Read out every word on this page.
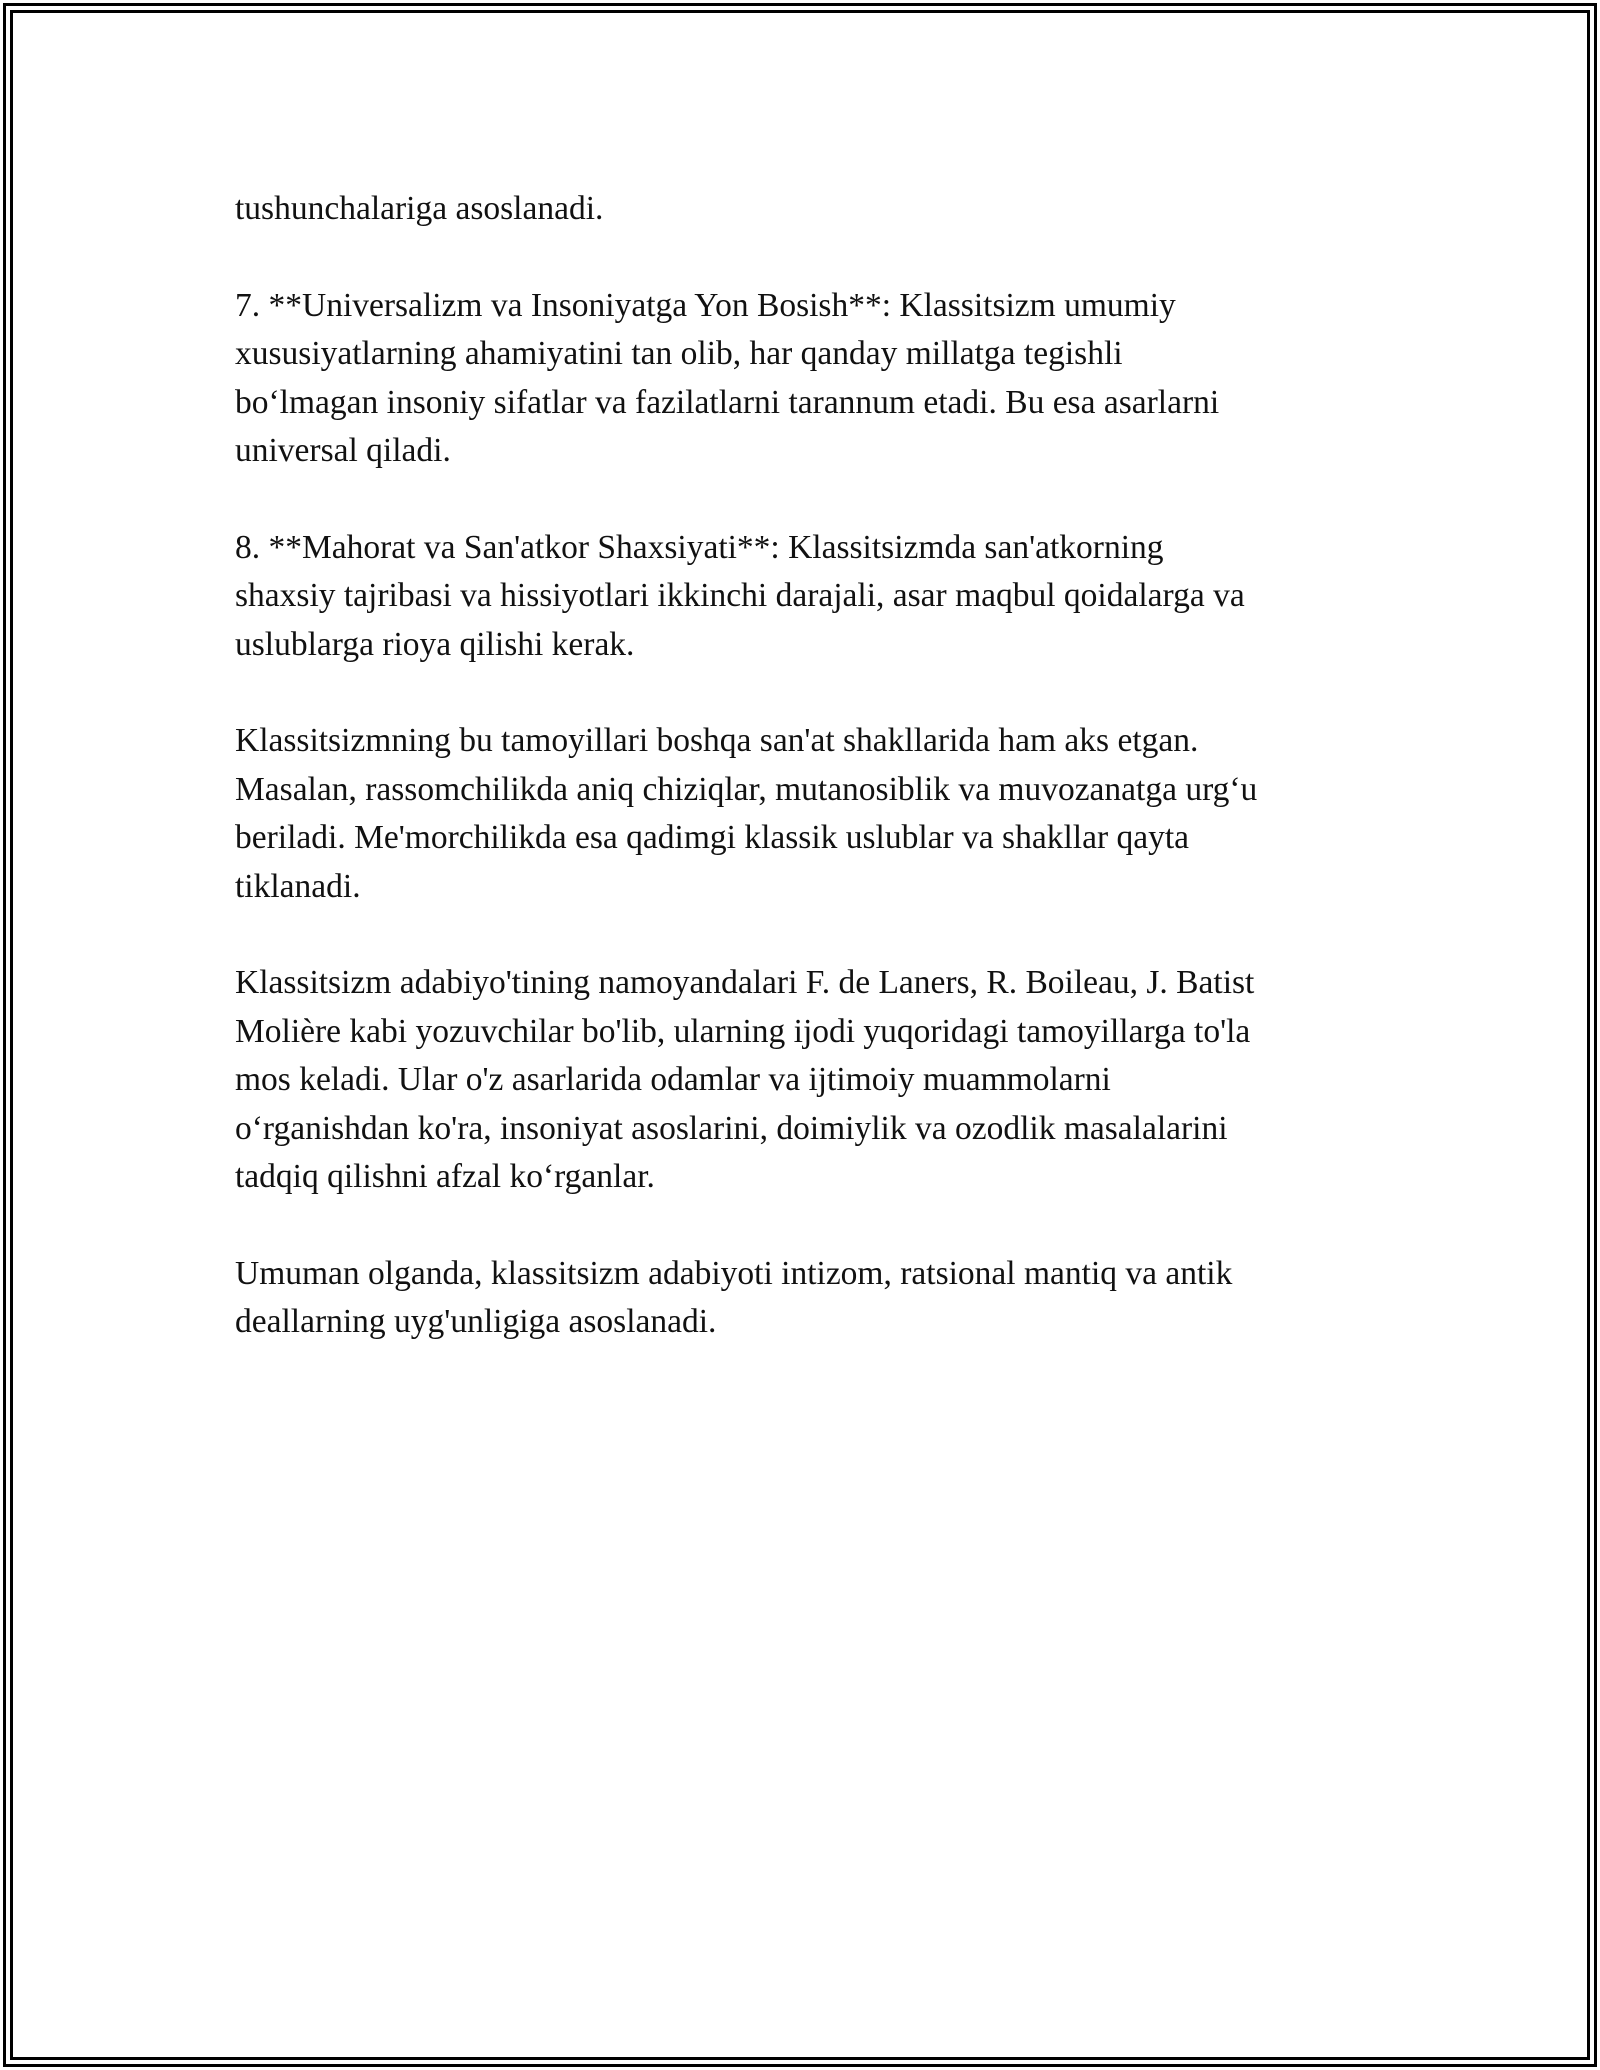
tushunchalariga asoslanadi.

7. **Universalizm va Insoniyatga Yon Bosish**: Klassitsizm umumiy
xususiyatlarning ahamiyatini tan olib, har qanday millatga tegishli
bo‘lmagan insoniy sifatlar va fazilatlarni tarannum etadi. Bu esa asarlarni
universal qiladi.

8. **Mahorat va San'atkor Shaxsiyati**: Klassitsizmda san'atkorning
shaxsiy tajribasi va hissiyotlari ikkinchi darajali, asar maqbul qoidalarga va
uslublarga rioya qilishi kerak.

Klassitsizmning bu tamoyillari boshqa san'at shakllarida ham aks etgan.
Masalan, rassomchilikda aniq chiziqlar, mutanosiblik va muvozanatga urg‘u
beriladi. Me'morchilikda esa qadimgi klassik uslublar va shakllar qayta
tiklanadi.

Klassitsizm adabiyo'tining namoyandalari F. de Laners, R. Boileau, J. Batist
Molière kabi yozuvchilar bo'lib, ularning ijodi yuqoridagi tamoyillarga to'la
mos keladi. Ular o'z asarlarida odamlar va ijtimoiy muammolarni
o‘rganishdan ko'ra, insoniyat asoslarini, doimiylik va ozodlik masalalarini
tadqiq qilishni afzal ko‘rganlar.

Umuman olganda, klassitsizm adabiyoti intizom, ratsional mantiq va antik
deallarning uyg'unligiga asoslanadi.
